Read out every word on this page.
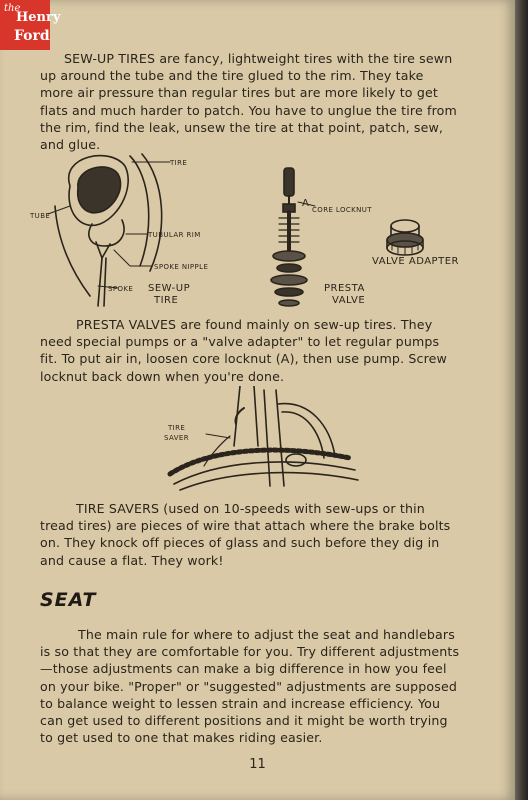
the
Henry
Ford

SEW-UP TIRES are fancy, lightweight tires with the tire sewn up around the tube and the tire glued to the rim. They take more air pressure than regular tires but are more likely to get flats and much harder to patch. You have to unglue the tire from the rim, find the leak, unsew the tire at that point, patch, sew, and glue.

TIRE
TUBE
TUBULAR RIM
SPOKE NIPPLE
SPOKE SEW-UP
TIRE
A
CORE LOCKNUT
PRESTA
VALVE
VALVE ADAPTER

PRESTA VALVES are found mainly on sew-up tires. They need special pumps or a "valve adapter" to let regular pumps fit. To put air in, loosen core locknut (A), then use pump. Screw locknut back down when you're done.

TIRE
SAVER

TIRE SAVERS (used on 10-speeds with sew-ups or thin tread tires) are pieces of wire that attach where the brake bolts on. They knock off pieces of glass and such before they dig in and cause a flat. They work!

SEAT

The main rule for where to adjust the seat and handlebars is so that they are comfortable for you. Try different adjustments—those adjustments can make a big difference in how you feel on your bike. "Proper" or "suggested" adjustments are supposed to balance weight to lessen strain and increase efficiency. You can get used to different positions and it might be worth trying to get used to one that makes riding easier.

11
